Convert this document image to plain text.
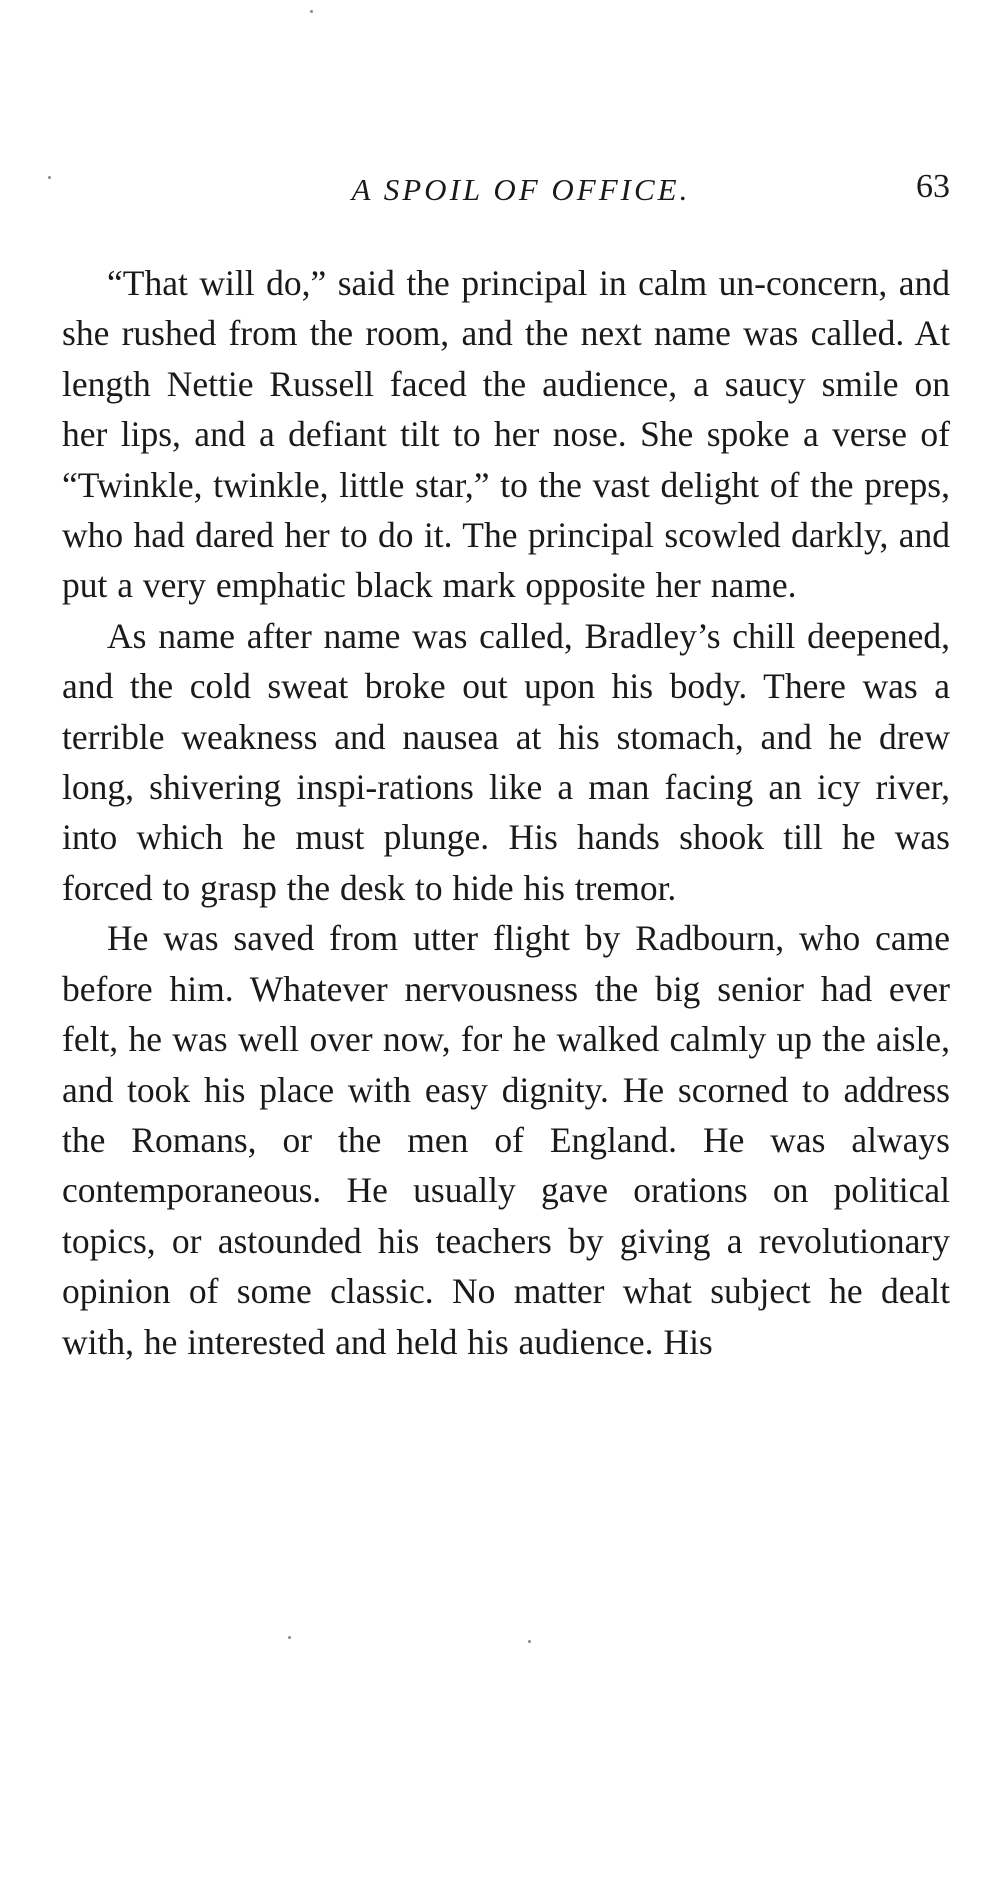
A SPOIL OF OFFICE.	63

“That will do,” said the principal in calm un-concern, and she rushed from the room, and the next name was called. At length Nettie Russell faced the audience, a saucy smile on her lips, and a defiant tilt to her nose. She spoke a verse of “Twinkle, twinkle, little star,” to the vast delight of the preps, who had dared her to do it. The principal scowled darkly, and put a very emphatic black mark opposite her name.

As name after name was called, Bradley’s chill deepened, and the cold sweat broke out upon his body. There was a terrible weakness and nausea at his stomach, and he drew long, shivering inspi-rations like a man facing an icy river, into which he must plunge. His hands shook till he was forced to grasp the desk to hide his tremor.

He was saved from utter flight by Radbourn, who came before him. Whatever nervousness the big senior had ever felt, he was well over now, for he walked calmly up the aisle, and took his place with easy dignity. He scorned to address the Romans, or the men of England. He was always contemporaneous. He usually gave orations on political topics, or astounded his teachers by giving a revolutionary opinion of some classic. No matter what subject he dealt with, he interested and held his audience. His
